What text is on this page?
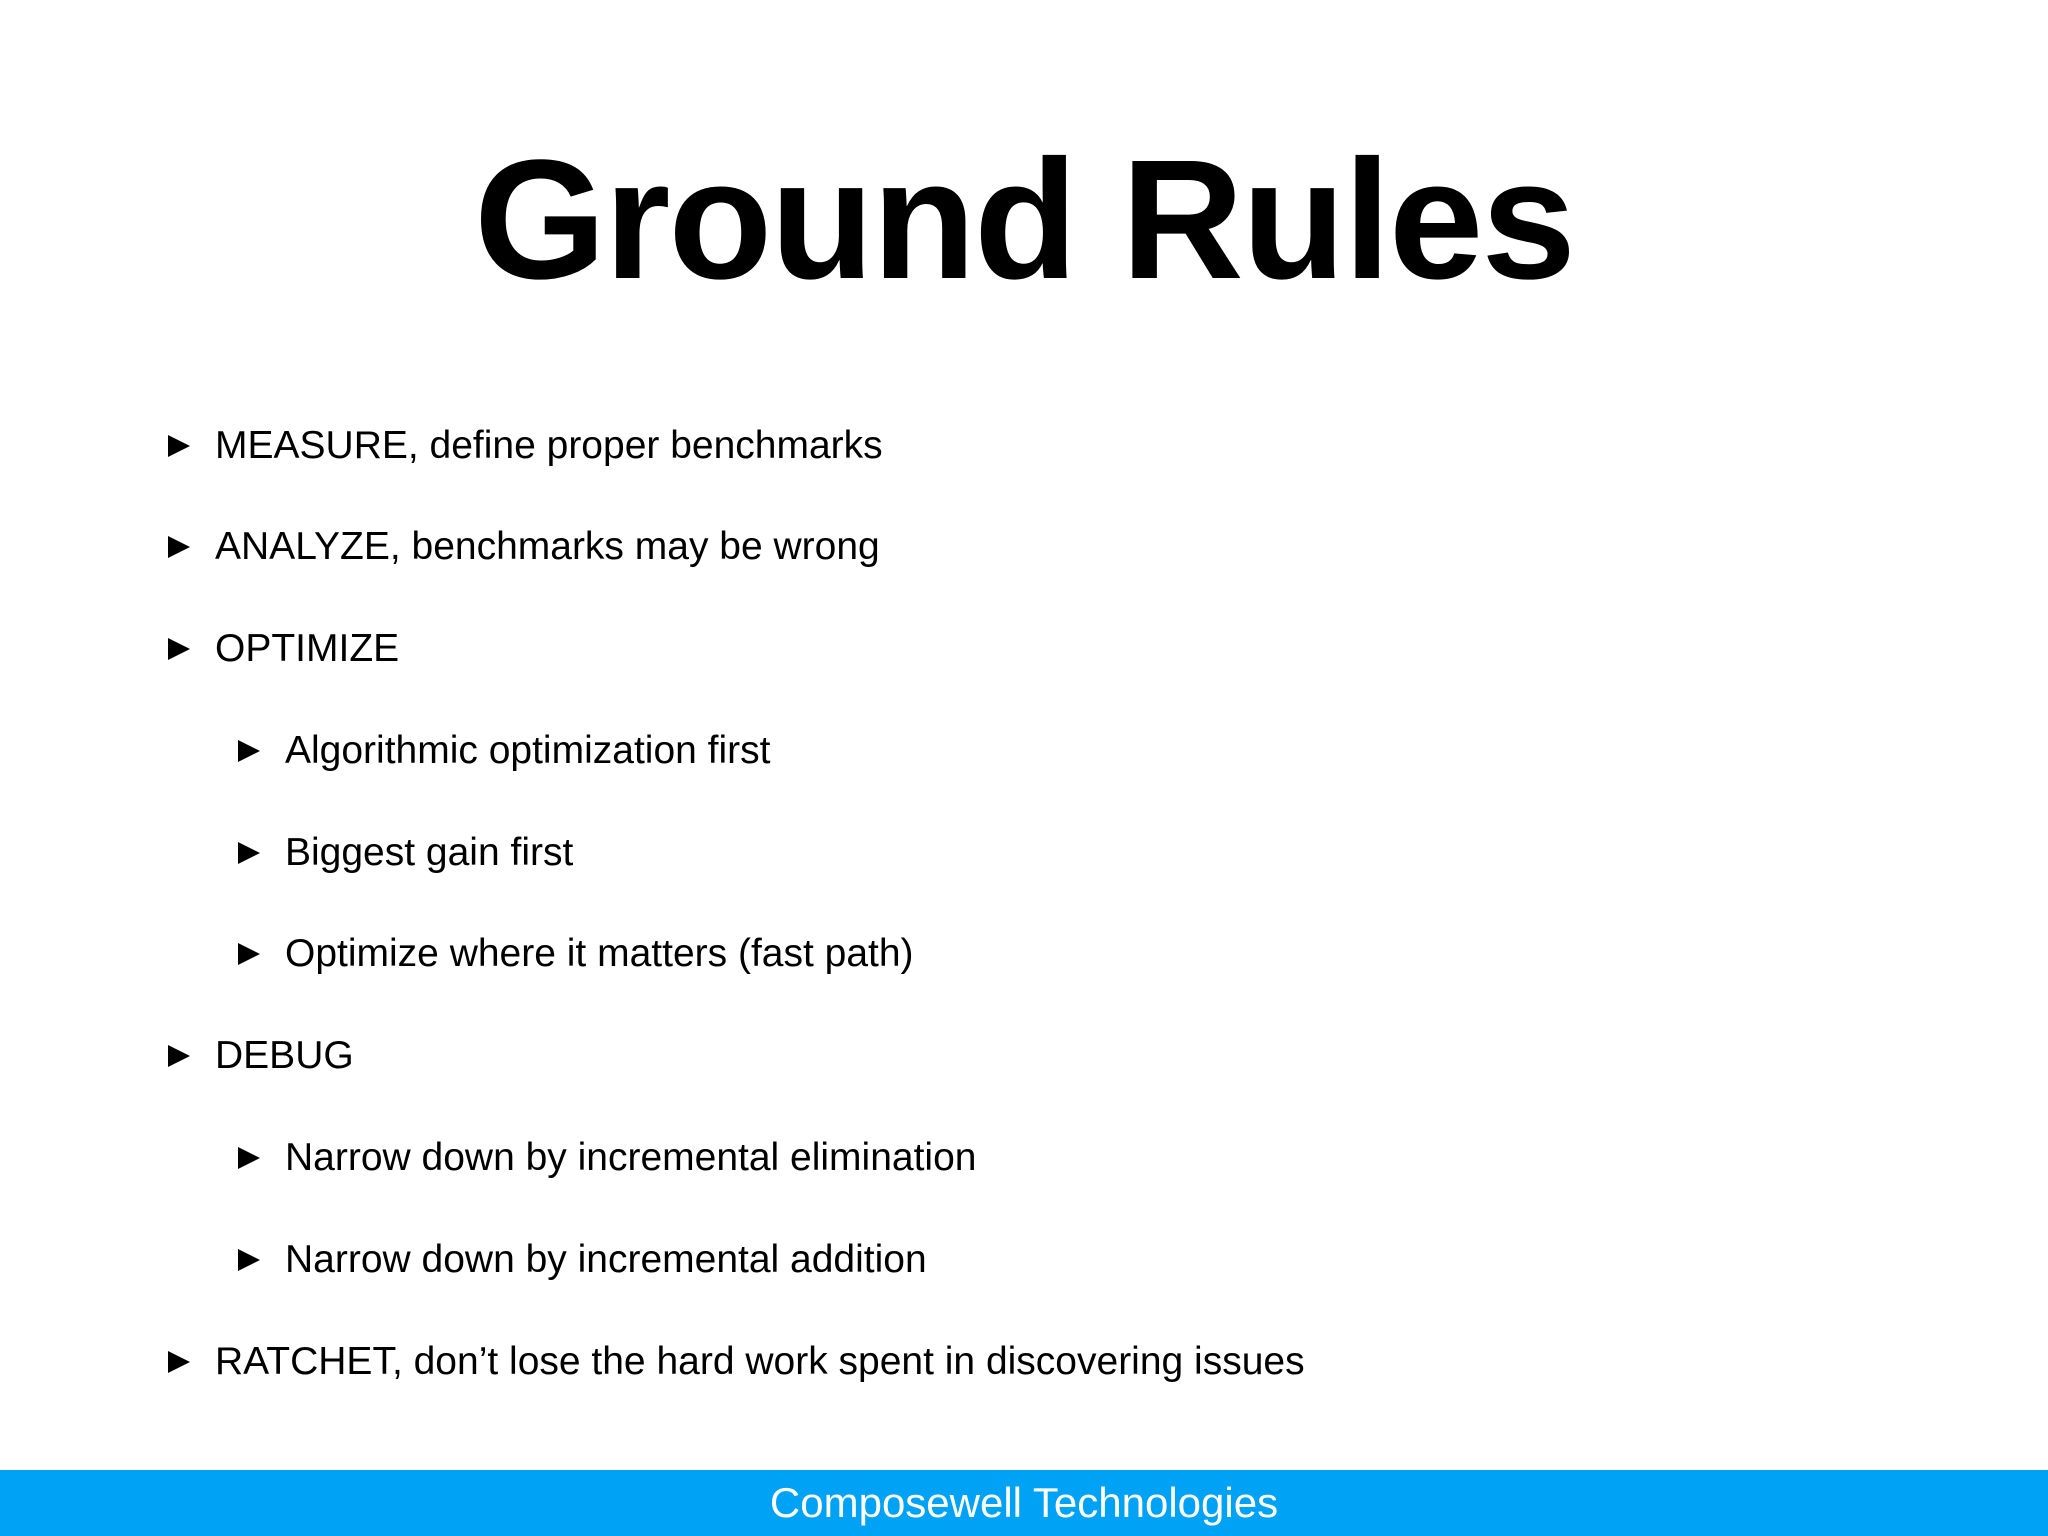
Ground Rules
MEASURE, define proper benchmarks
ANALYZE, benchmarks may be wrong
OPTIMIZE
Algorithmic optimization first
Biggest gain first
Optimize where it matters (fast path)
DEBUG
Narrow down by incremental elimination
Narrow down by incremental addition
RATCHET, don’t lose the hard work spent in discovering issues
Composewell Technologies
